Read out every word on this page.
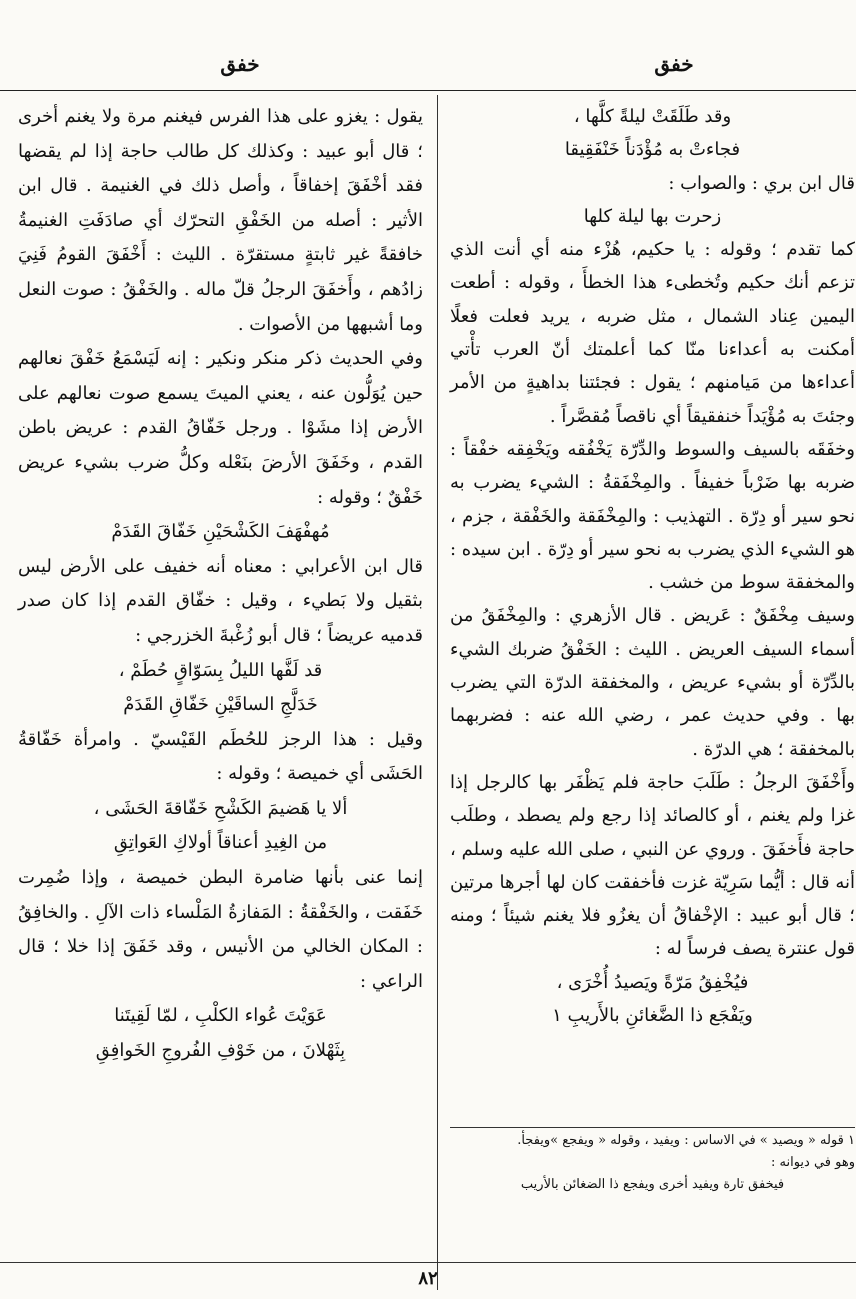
خفق
خفق

وقد طَلَقَتْ ليلةً كلَّها ،

فجاءتْ به مُؤْدَناً خَنْفَقِيقا

قال ابن بري : والصواب :

زحرت بها ليلة كلها

كما تقدم ؛ وقوله : يا حكيم، هُزْء منه أي أنت الذي تزعم أنك حكيم وتُخطىء هذا الخطأَ ، وقوله : أطعت اليمين عِناد الشمال ، مثل ضربه ، يريد فعلت فعلًا أمكنت به أعداءنا منّا كما أعلمتك أنّ العرب تأْتي أعداءها من مَيامنهم ؛ يقول : فجئتنا بداهيةٍ من الأمر وجئتَ به مُؤْيَداً خنفقيقاً أي ناقصاً مُقصَّراً .

وخفَقَه بالسيف والسوط والدِّرّة يَخْفُقه ويَخْفِقه خفْقاً : ضربه بها ضَرْباً خفيفاً . والمِخْفَقةُ : الشيء يضرب به نحو سير أو دِرّة . التهذيب : والمِخْفَقة والخَفْقة ، جزم ، هو الشيء الذي يضرب به نحو سير أو دِرّة . ابن سيده : والمخفقة سوط من خشب .

وسيف مِخْفَقٌ : عَريض . قال الأزهري : والمِخْفَقُ من أسماء السيف العريض . الليث : الخَفْقُ ضربك الشيء بالدِّرّة أو بشيء عريض ، والمخفقة الدرّة التي يضرب بها . وفي حديث عمر ، رضي الله عنه : فضربهما بالمخفقة ؛ هي الدرّة .

وأَخْفَقَ الرجلُ : طَلَبَ حاجة فلم يَظْفَر بها كالرجل إذا غزا ولم يغنم ، أو كالصائد إذا رجع ولم يصطد ، وطلَب حاجة فأَخفَقَ . وروي عن النبي ، صلى الله عليه وسلم ، أنه قال : أيُّما سَرِيّة غزت فأخفقت كان لها أجرها مرتين ؛ قال أبو عبيد : الإخْفاقُ أن يغزُو فلا يغنم شيئاً ؛ ومنه قول عنترة يصف فرساً له :

فيُخْفِقُ مَرّةً ويَصيدُ أُخْرَى ،

ويَفْجَع ذا الضَّغائنِ بالأَريبِ ١

يقول : يغزو على هذا الفرس فيغنم مرة ولا يغنم أخرى ؛ قال أبو عبيد : وكذلك كل طالب حاجة إذا لم يقضها فقد أخْفَقَ إخفاقاً ، وأصل ذلك في الغنيمة . قال ابن الأثير : أصله من الخَفْقِ التحرّك أي صادَفَتِ الغنيمةُ خافقةً غير ثابتةٍ مستقرّة . الليث : أَخْفَقَ القومُ فَنِيَ زادُهم ، وأَخفَقَ الرجلُ قلّ ماله . والخَفْقُ : صوت النعل وما أشبهها من الأصوات .

وفي الحديث ذكر منكر ونكير : إنه لَيَسْمَعُ خَفْقَ نعالهم حين يُوَلُّون عنه ، يعني الميتَ يسمع صوت نعالهم على الأرض إذا مشَوْا . ورجل خَفّاقُ القدم : عريض باطن القدم ، وخَفَقَ الأرضَ بنَعْله وكلُّ ضرب بشيء عريض خَفْقٌ ؛ وقوله :

مُهفْهَفَ الكَشْحَيْنِ خَفّاقَ القَدَمْ

قال ابن الأعرابي : معناه أنه خفيف على الأرض ليس بثقيل ولا بَطيء ، وقيل : خفّاق القدم إذا كان صدر قدميه عريضاً ؛ قال أبو زُغْبةَ الخزرجي :

قد لَفَّها الليلُ بِسَوّاقٍ حُطَمْ ،

خَدَلَّجِ الساقَيْنِ خَفّاقِ القَدَمْ

وقيل : هذا الرجز للحُطَم القَيْسيّ . وامرأة خَفّاقةُ الحَشَى أي خميصة ؛ وقوله :

ألا يا هَضيمَ الكَشْحِ خَفّاقةَ الحَشَى ،

من الغِيدِ أعناقاً أولاكِ العَواتِقِ

إنما عنى بأنها ضامرة البطن خميصة ، وإذا ضُمِرت خَفَقت ، والخَفْقةُ : المَفازةُ المَلْساء ذات الآلِ . والخافِقُ : المكان الخالي من الأنيس ، وقد خَفَقَ إذا خلا ؛ قال الراعي :

عَوَيْتَ عُواء الكلْبِ ، لمّا لَقِيتَنا

بِثَهْلانَ ، من خَوْفِ الفُروجِ الخَوافِقِ

١ قوله « ويصيد » في الاساس : ويفيد ، وقوله « ويفجع »ويفجأ.

وهو في ديوانه :

فيخفق تارة ويفيد أخرى ويفجع ذا الضغائن بالأريب

٨٢
